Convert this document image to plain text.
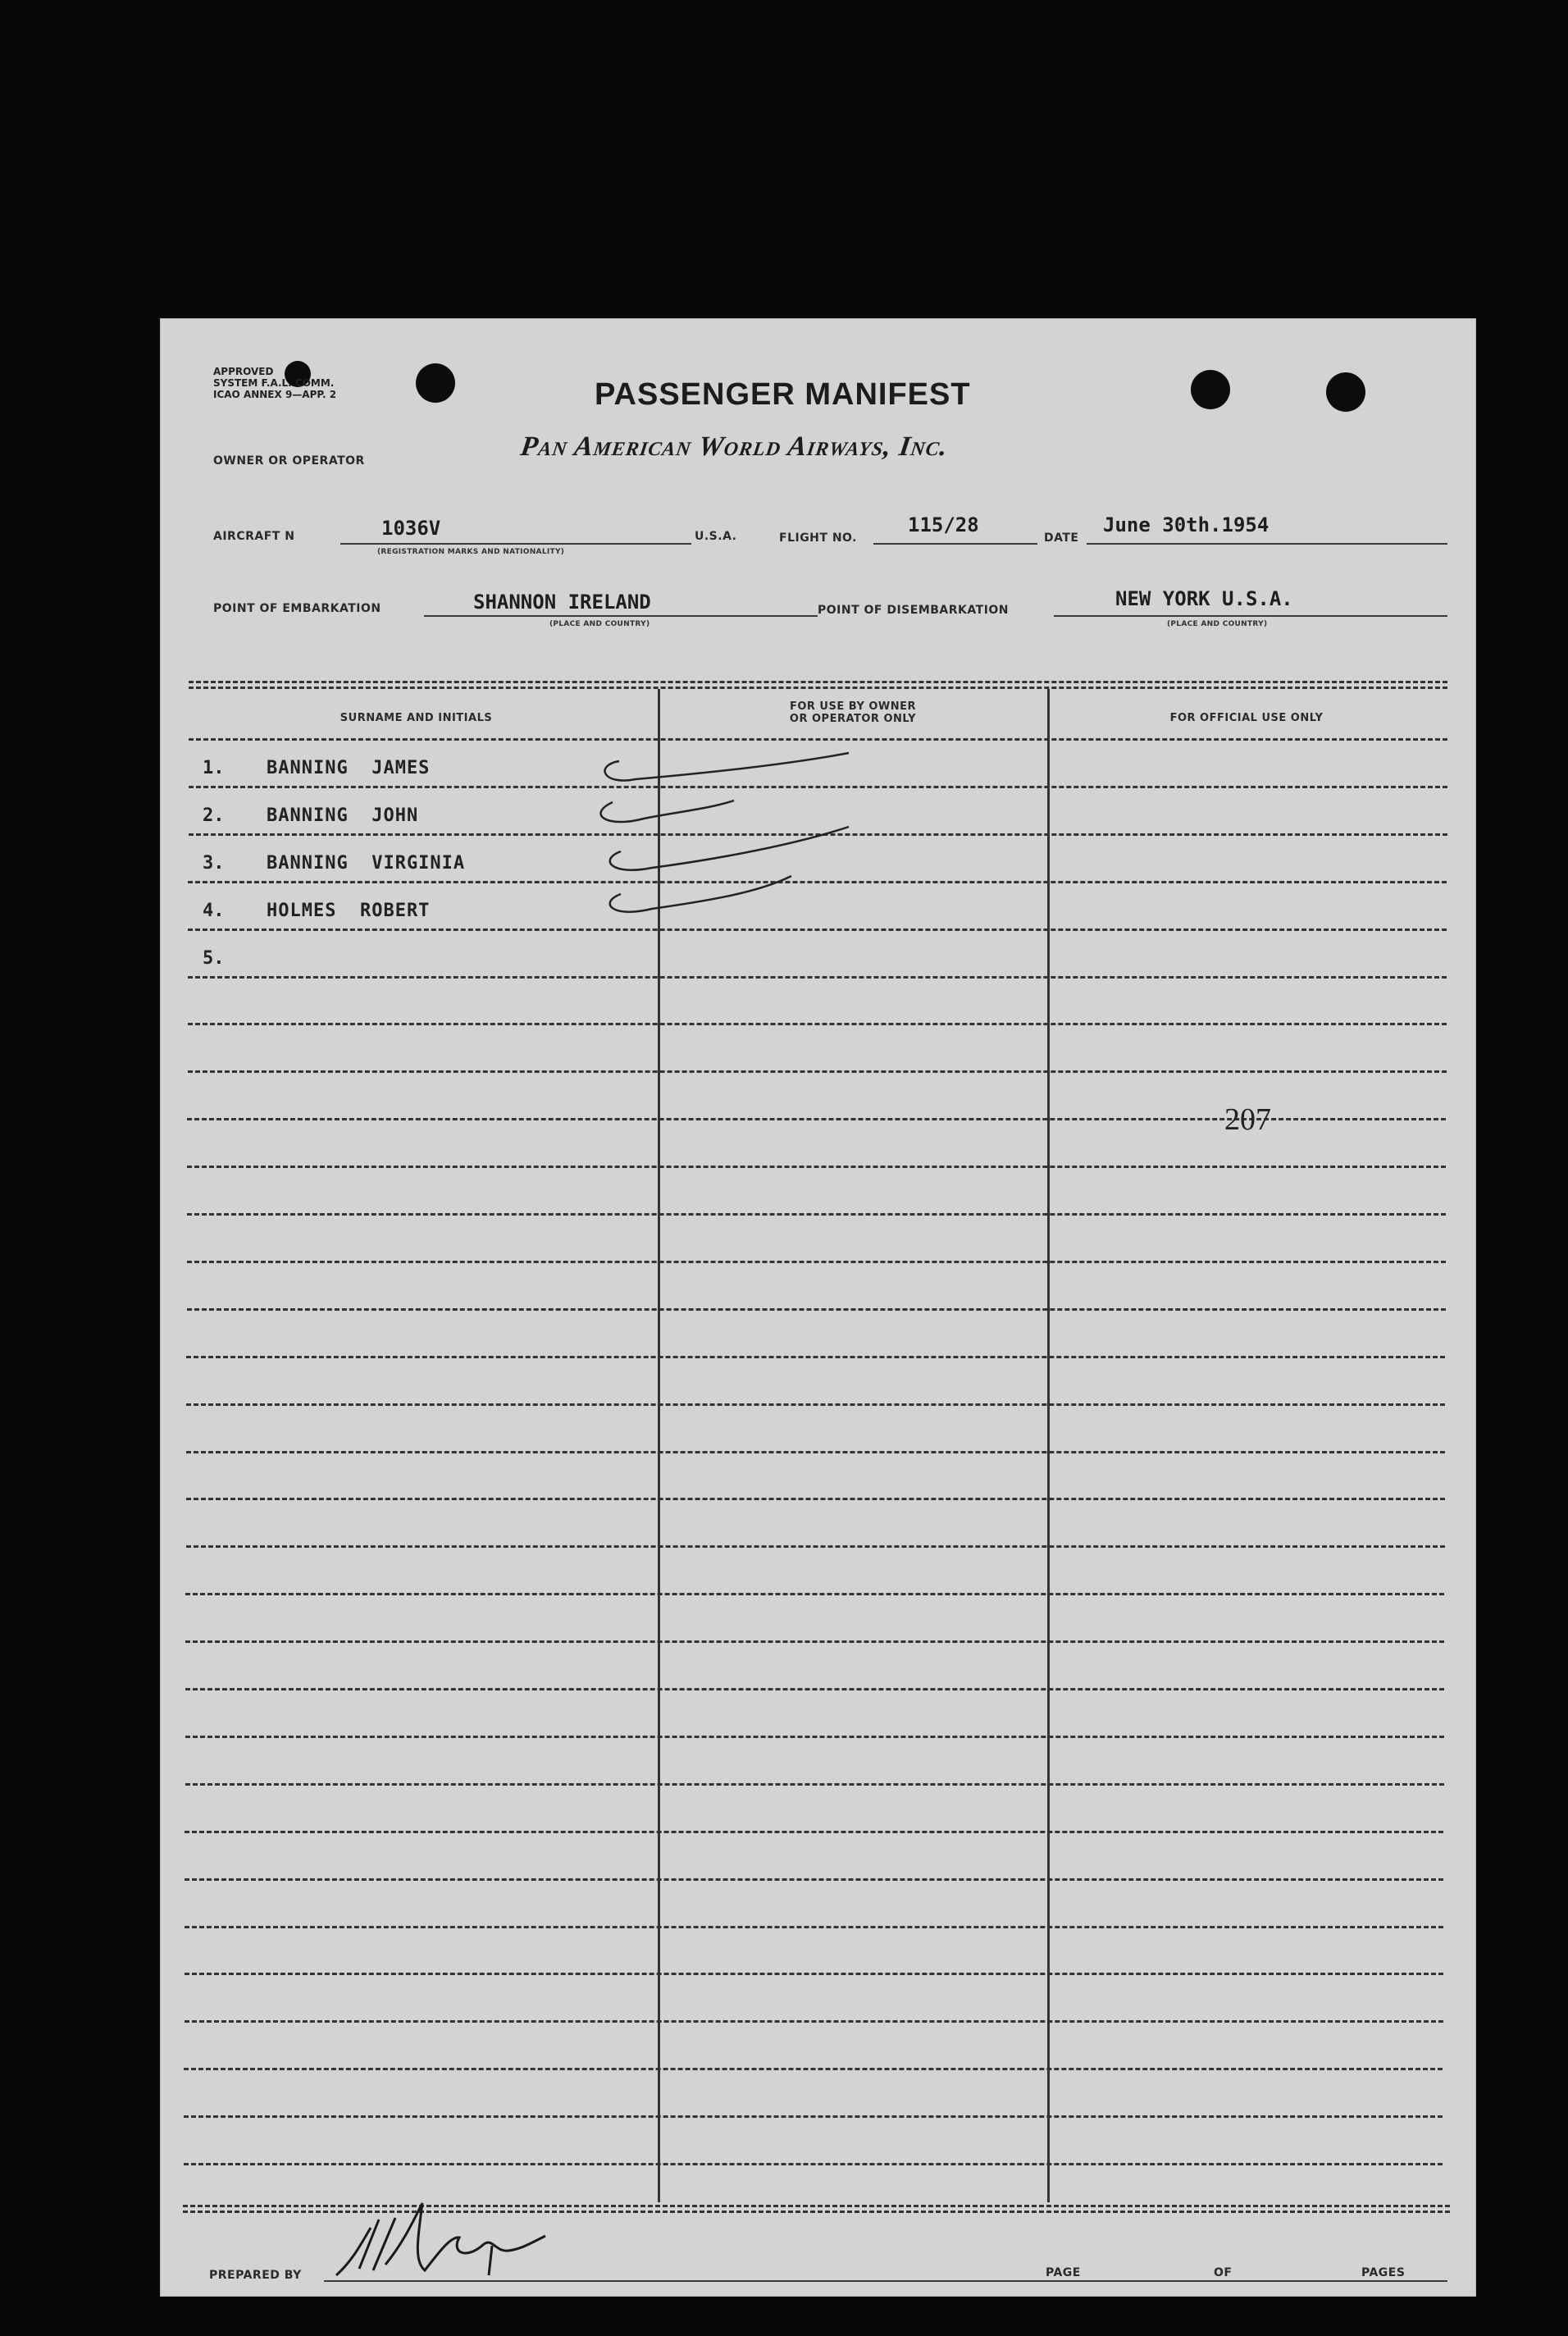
APPROVED
SYSTEM F.A.L. COMM.
ICAO ANNEX 9—APP. 2
OWNER OR OPERATOR
PASSENGER MANIFEST
Pan American World Airways, Inc.
AIRCRAFT N	1036V
(REGISTRATION MARKS AND NATIONALITY)
U.S.A.	FLIGHT NO.
115/28
DATE
June 30th.1954
POINT OF EMBARKATION	SHANNON IRELAND
(PLACE AND COUNTRY)
POINT OF DISEMBARKATION	NEW YORK U.S.A.
(PLACE AND COUNTRY)
SURNAME AND INITIALS
FOR USE BY OWNER
OR OPERATOR ONLY	FOR OFFICIAL USE ONLY
1. BANNING  JAMES
2. BANNING  JOHN
3. BANNING  VIRGINIA
4. HOLMES  ROBERT
5.
207
PREPARED BY	PAGE	OF	PAGES
